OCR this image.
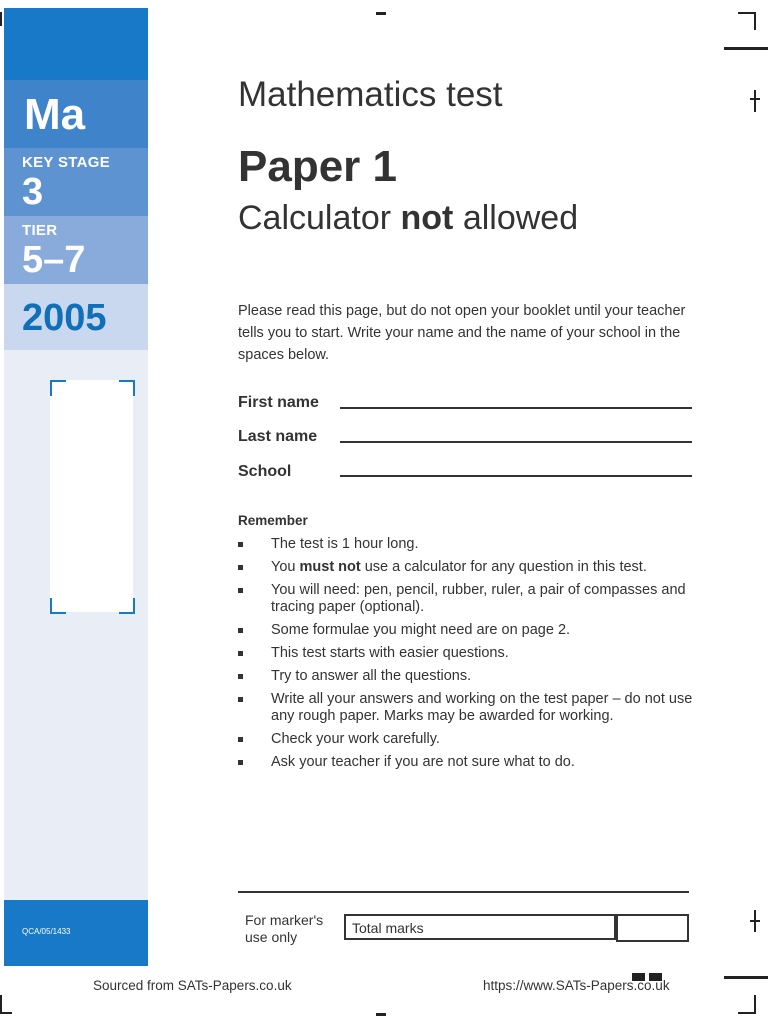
Ma
KEY STAGE
3
TIER
5–7
2005
QCA/05/1433
Mathematics test
Paper 1
Calculator not allowed
Please read this page, but do not open your booklet until your teacher tells you to start. Write your name and the name of your school in the spaces below.
First name
Last name
School
Remember
The test is 1 hour long.
You must not use a calculator for any question in this test.
You will need: pen, pencil, rubber, ruler, a pair of compasses and tracing paper (optional).
Some formulae you might need are on page 2.
This test starts with easier questions.
Try to answer all the questions.
Write all your answers and working on the test paper – do not use any rough paper. Marks may be awarded for working.
Check your work carefully.
Ask your teacher if you are not sure what to do.
For marker's use only
Total marks
Sourced from SATs-Papers.co.uk	https://www.SATs-Papers.co.uk
